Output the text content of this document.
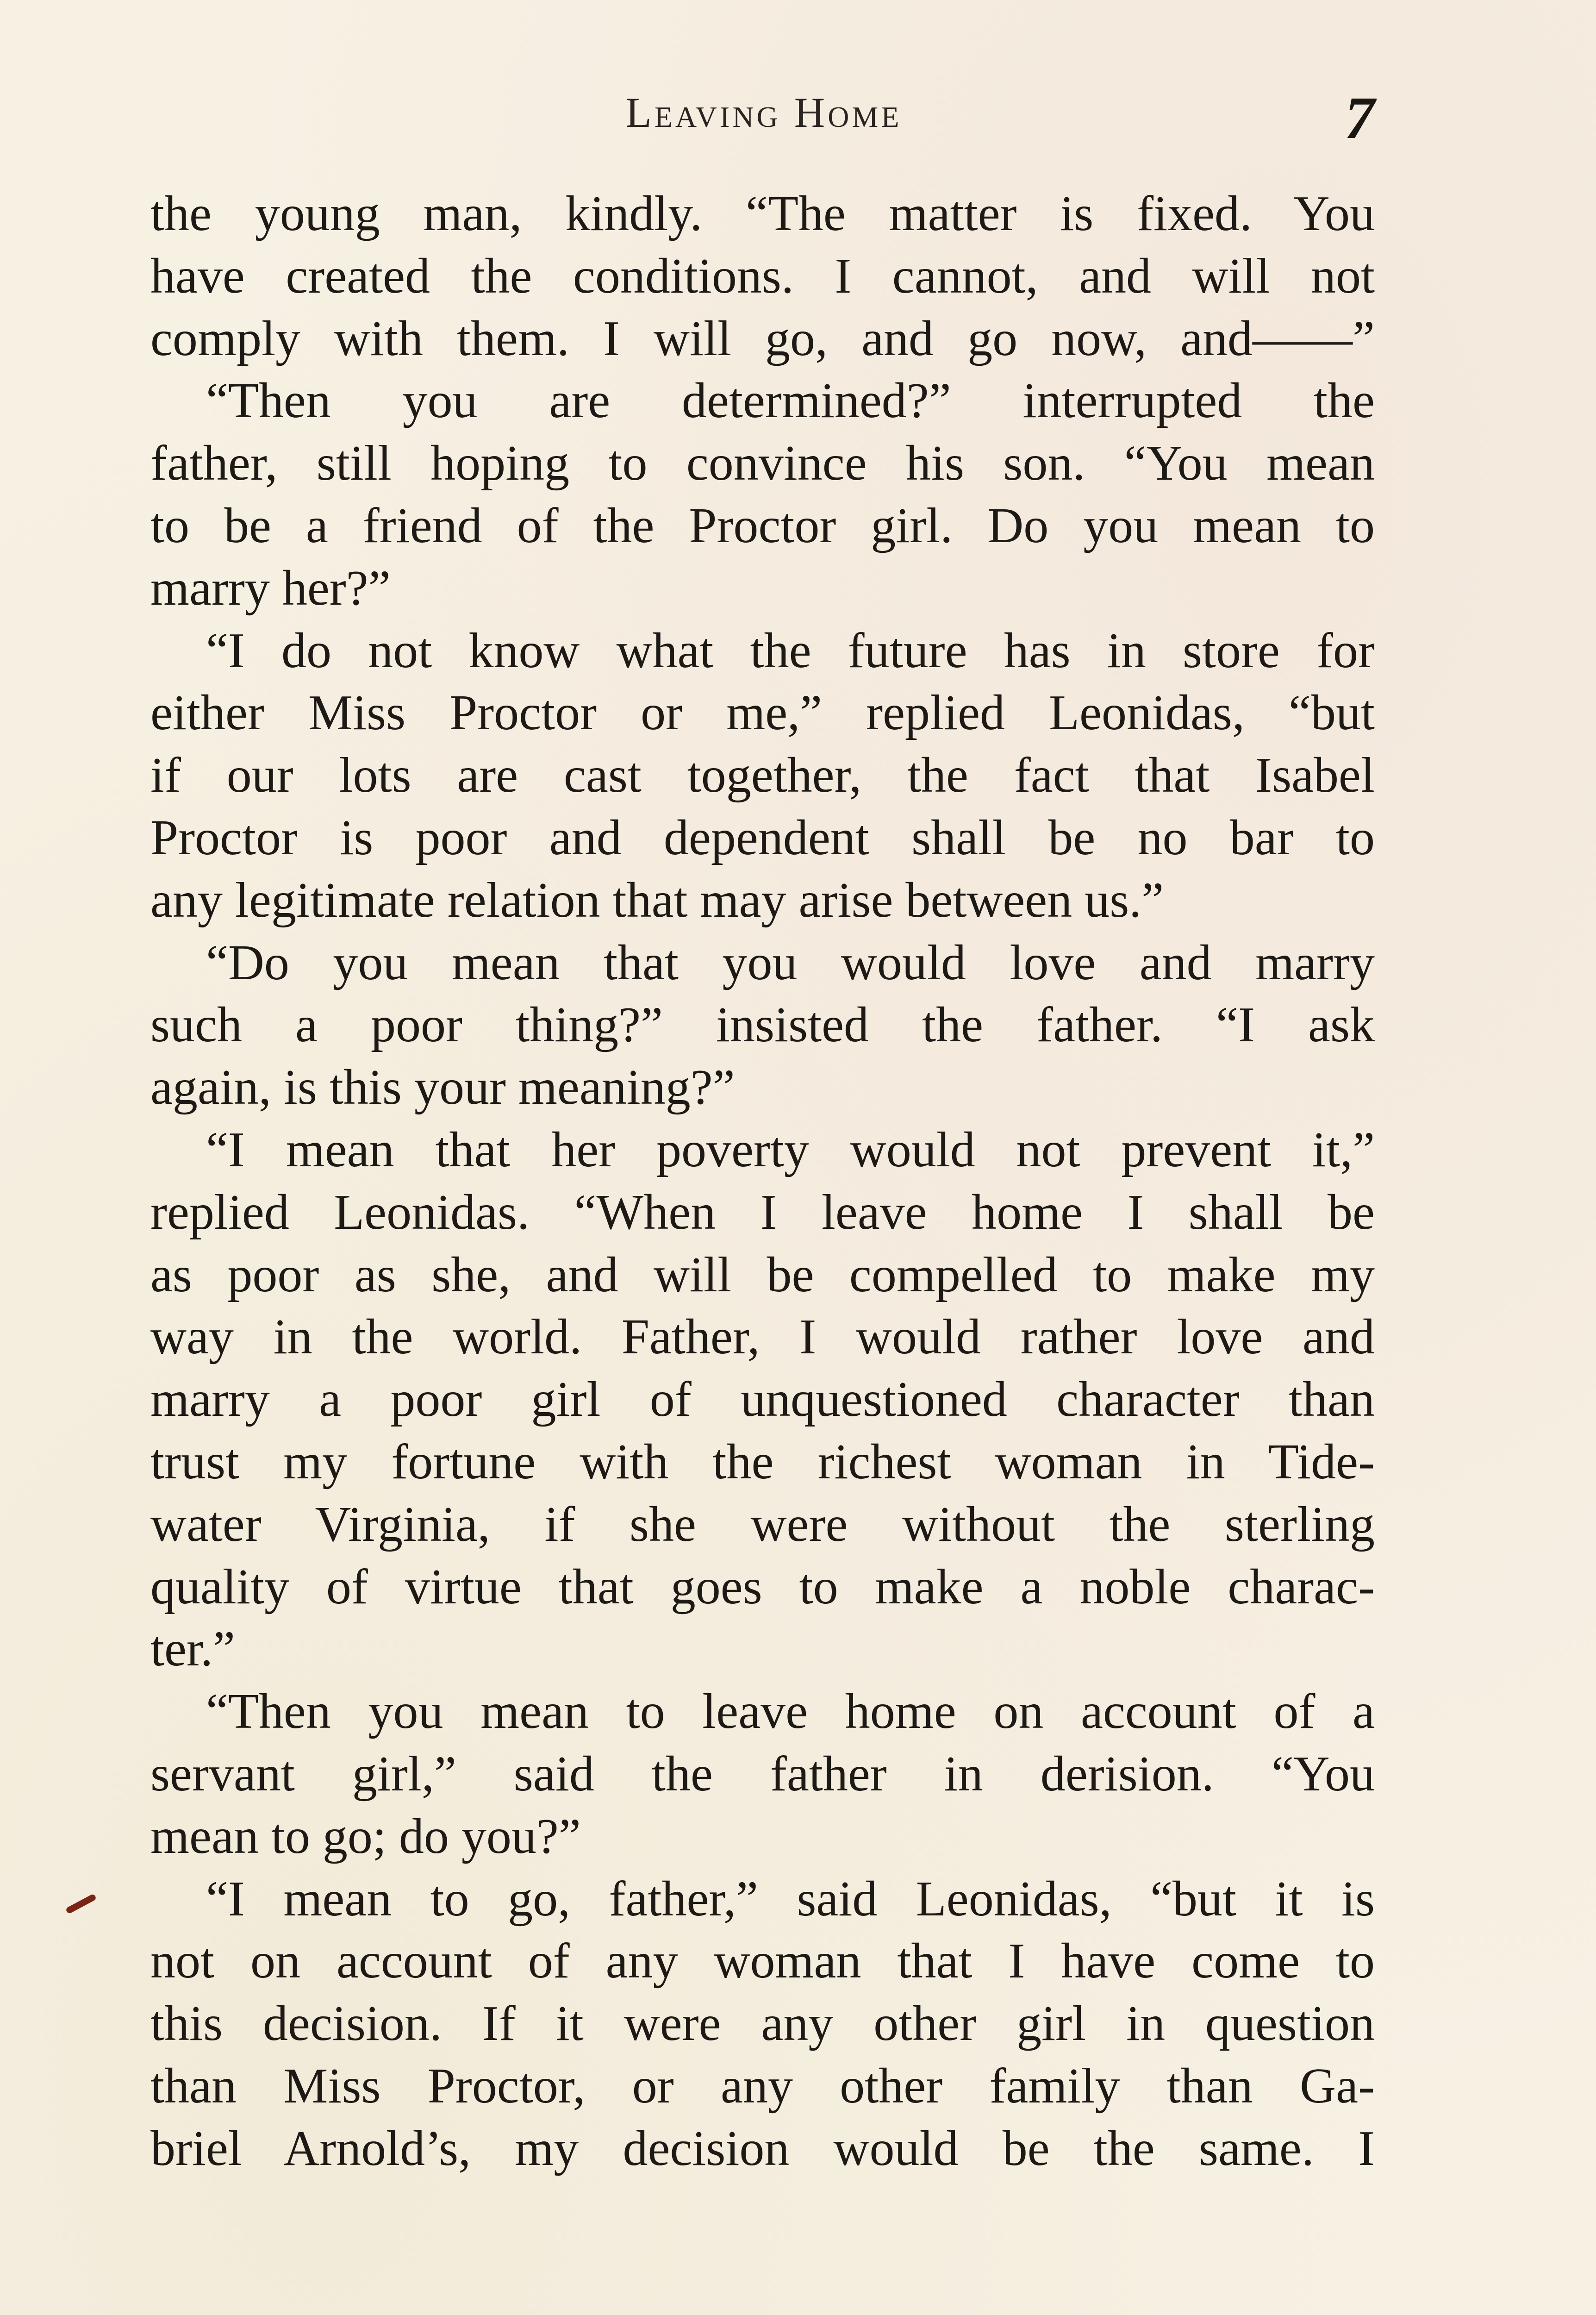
Leaving Home	7
the young man, kindly. “The matter is fixed. You
have created the conditions. I cannot, and will not
comply with them. I will go, and go now, and——”
“Then you are determined?” interrupted the
father, still hoping to convince his son. “You mean
to be a friend of the Proctor girl. Do you mean to
marry her?”
“I do not know what the future has in store for
either Miss Proctor or me,” replied Leonidas, “but
if our lots are cast together, the fact that Isabel
Proctor is poor and dependent shall be no bar to
any legitimate relation that may arise between us.”
“Do you mean that you would love and marry
such a poor thing?” insisted the father. “I ask
again, is this your meaning?”
“I mean that her poverty would not prevent it,”
replied Leonidas. “When I leave home I shall be
as poor as she, and will be compelled to make my
way in the world. Father, I would rather love and
marry a poor girl of unquestioned character than
trust my fortune with the richest woman in Tide-
water Virginia, if she were without the sterling
quality of virtue that goes to make a noble charac-
ter.”
“Then you mean to leave home on account of a
servant girl,” said the father in derision. “You
mean to go; do you?”
“I mean to go, father,” said Leonidas, “but it is
not on account of any woman that I have come to
this decision. If it were any other girl in question
than Miss Proctor, or any other family than Ga-
briel Arnold’s, my decision would be the same. I
